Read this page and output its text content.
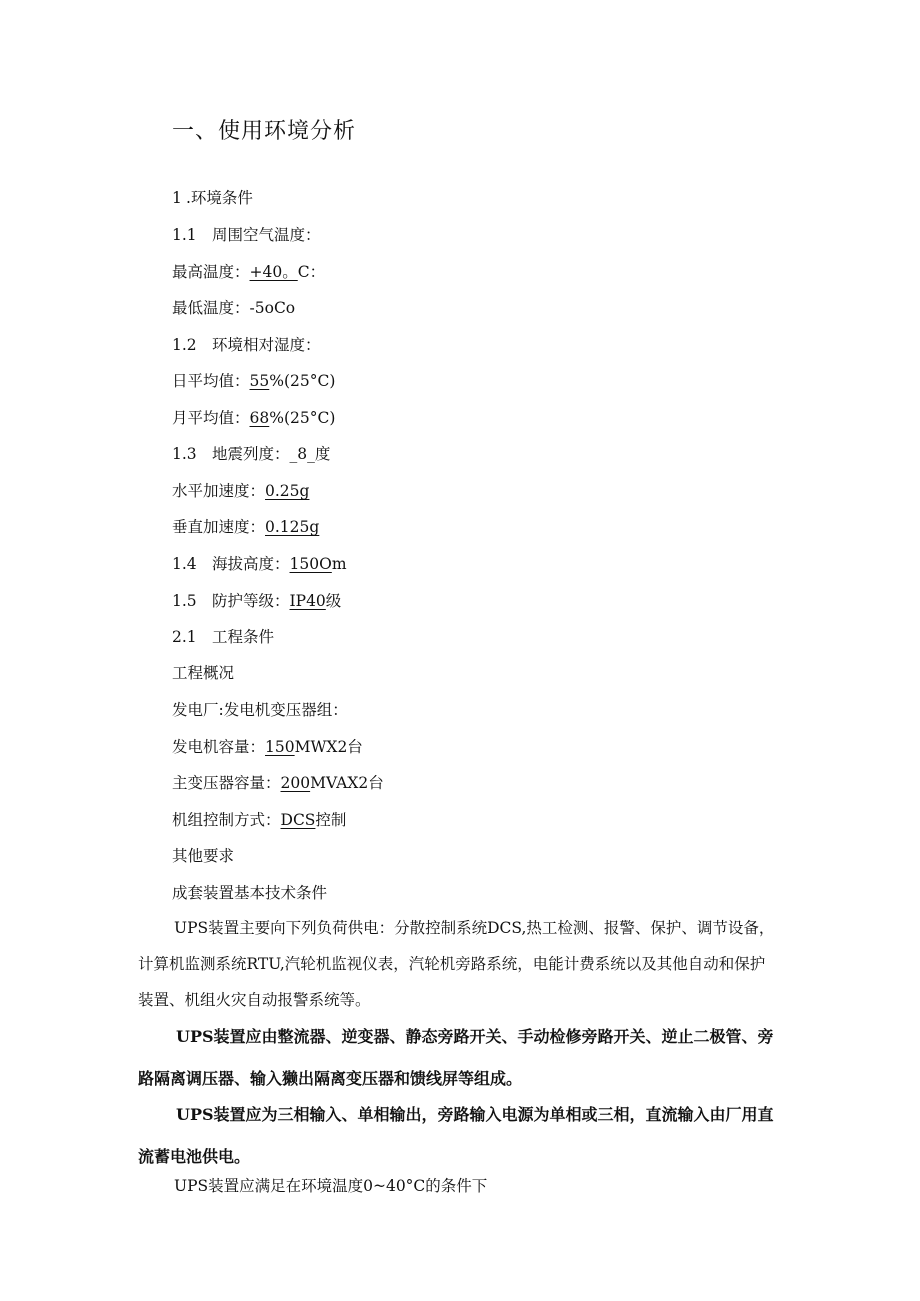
一、使用环境分析
1 .环境条件
1.1 周围空气温度：
最高温度：+40。C：
最低温度：-5oCo
1.2 环境相对湿度：
日平均值：55%(25°C)
月平均值：68%(25°C)
1.3 地震列度：_8_度
水平加速度：0.25g
垂直加速度：0.125g
1.4 海拔高度：150Om
1.5 防护等级：IP40级
2.1 工程条件
工程概况
发电厂:发电机变压器组：
发电机容量：150MWX2台
主变压器容量：200MVAX2台
机组控制方式：DCS控制
其他要求
成套装置基本技术条件

UPS装置主要向下列负荷供电：分散控制系统DCS,热工检测、报警、保护、调节设备，计算机监测系统RTU,汽轮机监视仪表，汽轮机旁路系统，电能计费系统以及其他自动和保护装置、机组火灾自动报警系统等。

UPS装置应由整流器、逆变器、静态旁路开关、手动检修旁路开关、逆止二极管、旁路隔离调压器、输入獭出隔离变压器和馈线屏等组成。

UPS装置应为三相输入、单相输出，旁路输入电源为单相或三相，直流输入由厂用直流蓄电池供电。

UPS装置应满足在环境温度0~40°C的条件下
